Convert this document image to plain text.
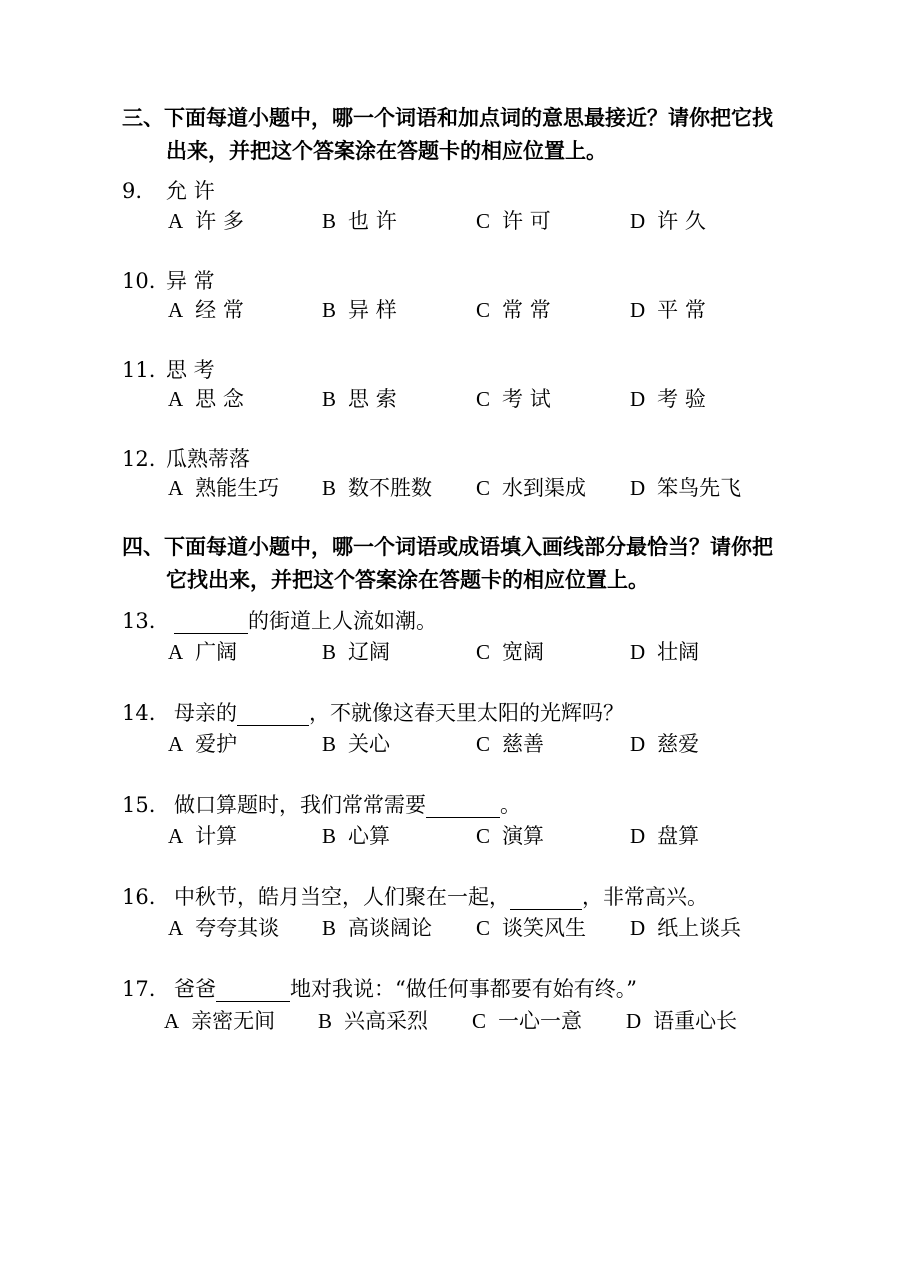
三、下面每道小题中，哪一个词语和加点词的意思最接近？请你把它找
出来，并把这个答案涂在答题卡的相应位置上。
9. 允 许
A 许 多	B 也 许	C 许 可	D 许 久
10. 异 常
A 经 常	B 异 样	C 常 常	D 平 常
11. 思 考
A 思 念	B 思 索	C 考 试	D 考 验
12. 瓜熟蒂落
A 熟能生巧 B 数不胜数 C 水到渠成 D 笨鸟先飞
四、下面每道小题中，哪一个词语或成语填入画线部分最恰当？请你把
它找出来，并把这个答案涂在答题卡的相应位置上。
13.	的街道上人流如潮。
A 广阔	B 辽阔	C 宽阔	D 壮阔
14. 母亲的	，不就像这春天里太阳的光辉吗？
A 爱护	B 关心	C 慈善	D 慈爱
15. 做口算题时，我们常常需要	。
A 计算	B 心算	C 演算	D 盘算
16. 中秋节，皓月当空，人们聚在一起，	，非常高兴。
A 夸夸其谈 B 高谈阔论 C 谈笑风生 D 纸上谈兵
17. 爸爸	地对我说：“做任何事都要有始有终。”
A 亲密无间 B 兴高采烈 C 一心一意 D 语重心长
